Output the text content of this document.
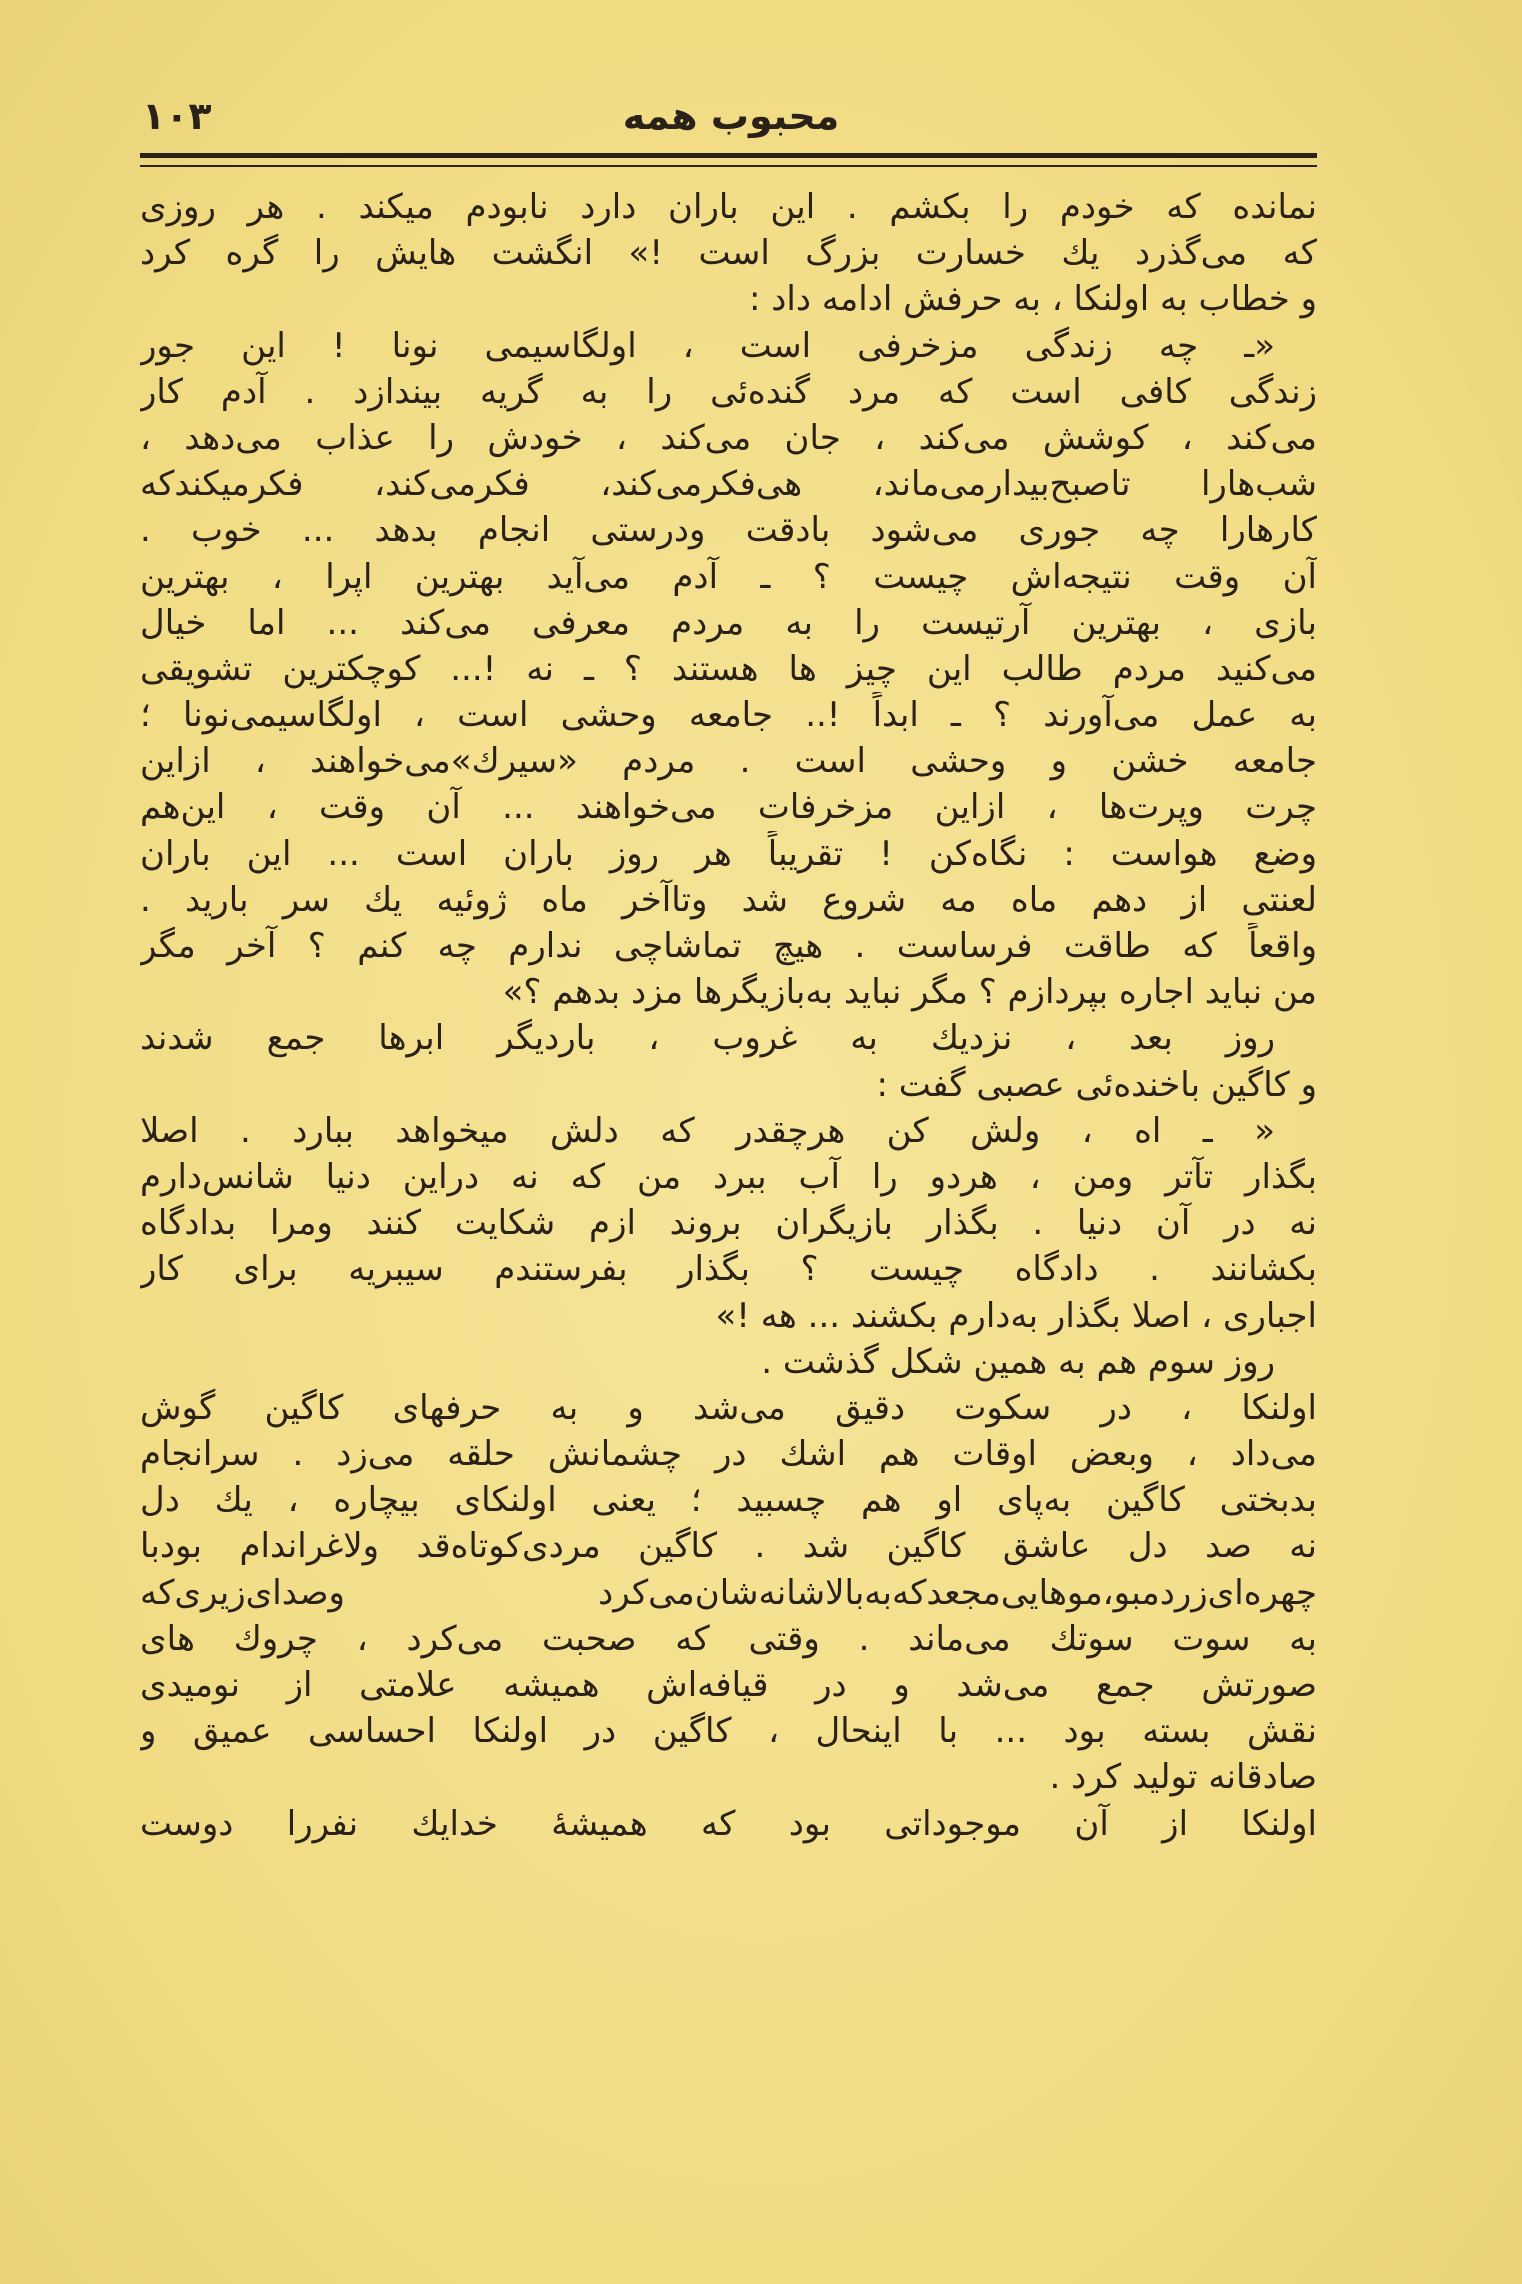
محبوب همه
۱۰۳
نمانده که خودم را بکشم . این باران دارد نابودم میکند . هر روزی
که می‌گذرد یك خسارت بزرگ است !» انگشت هایش را گره کرد
و خطاب به اولنکا ، به حرفش ادامه داد :
«ـ چه زندگی مزخرفی است ، اولگاسیمی نونا ! این جور
زندگی کافی است که مرد گنده‌ئی را به گریه بیندازد . آدم کار
می‌کند ، کوشش می‌کند ، جان می‌کند ، خودش را عذاب می‌دهد ،
شب‌هارا تاصبح‌بیدارمی‌ماند، هی‌فکرمی‌کند، فکرمی‌کند، فکرمیکندکه
کارهارا چه جوری می‌شود بادقت ودرستی انجام بدهد ... خوب .
آن وقت نتیجه‌اش چیست ؟ ـ آدم می‌آید بهترین اپرا ، بهترین
بازی ، بهترین آرتیست را به مردم معرفی می‌کند ... اما خیال
می‌کنید مردم طالب این چیز ها هستند ؟ ـ نه !... کوچکترین تشویقی
به عمل می‌آورند ؟ ـ ابداً !.. جامعه وحشی است ، اولگاسیمی‌نونا ؛
جامعه خشن و وحشی است . مردم «سیرك»می‌خواهند ، ازاین
چرت وپرت‌ها ، ازاین مزخرفات می‌خواهند ... آن وقت ، این‌هم
وضع هواست : نگاه‌کن ! تقریباً هر روز باران است ... این باران
لعنتی از دهم ماه مه شروع شد وتاآخر ماه ژوئیه یك سر بارید .
واقعاً که طاقت فرساست . هیچ تماشاچی ندارم چه کنم ؟ آخر مگر
من نباید اجاره بپردازم ؟ مگر نباید به‌بازیگرها مزد بدهم ؟»
روز بعد ، نزدیك به غروب ، باردیگر ابرها جمع شدند
و کاگین باخنده‌ئی عصبی گفت :
« ـ اه ، ولش کن هرچقدر که دلش میخواهد ببارد . اصلا
بگذار تآتر ومن ، هردو را آب ببرد من که نه دراین دنیا شانس‌دارم
نه در آن دنیا . بگذار بازیگران بروند ازم شکایت کنند ومرا بدادگاه
بکشانند . دادگاه چیست ؟ بگذار بفرستندم سیبریه برای کار
اجباری ، اصلا بگذار به‌دارم بکشند ... هه !»
روز سوم هم به همین شکل گذشت .
اولنکا ، در سکوت دقیق می‌شد و به حرفهای کاگین گوش
می‌داد ، وبعض اوقات هم اشك در چشمانش حلقه می‌زد . سرانجام
بدبختی کاگین به‌پای او هم چسبید ؛ یعنی اولنکای بیچاره ، یك دل
نه صد دل عاشق کاگین شد . کاگین مردی‌کوتاه‌قد ولاغراندام بودبا
چهره‌ای‌زردمبو،موهایی‌مجعدکه‌به‌بالاشانه‌شان‌می‌کرد وصدای‌زیری‌که
به سوت سوتك می‌ماند . وقتی که صحبت می‌کرد ، چروك های
صورتش جمع می‌شد و در قیافه‌اش همیشه علامتی از نومیدی
نقش بسته بود ... با اینحال ، کاگین در اولنکا احساسی عمیق و
صادقانه تولید کرد .
اولنکا از آن موجوداتی بود که همیشهٔ خدایك نفررا دوست
